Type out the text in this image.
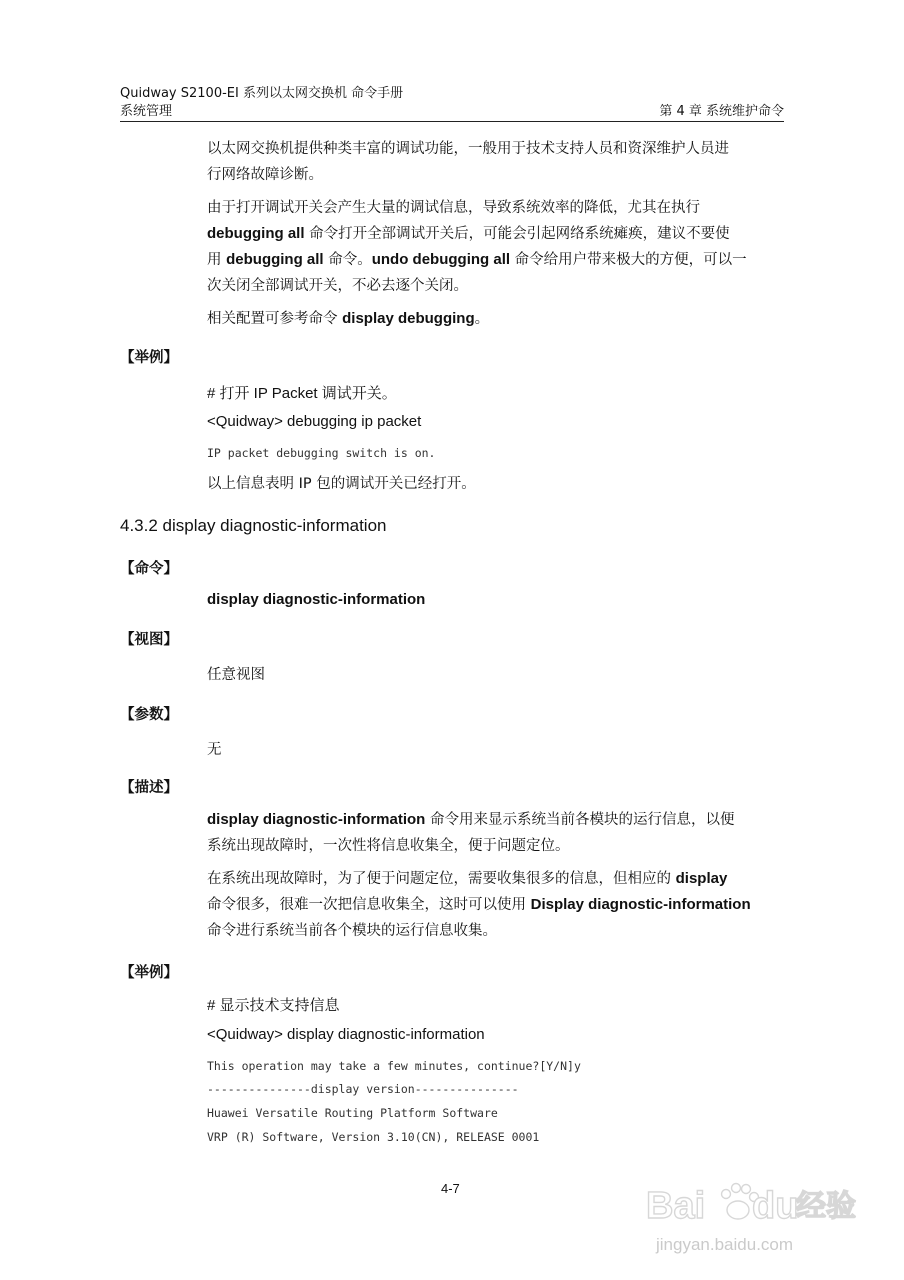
Quidway S2100-EI 系列以太网交换机 命令手册
系统管理	第 4 章 系统维护命令
以太网交换机提供种类丰富的调试功能，一般用于技术支持人员和资深维护人员进
行网络故障诊断。
由于打开调试开关会产生大量的调试信息，导致系统效率的降低，尤其在执行
debugging all 命令打开全部调试开关后，可能会引起网络系统瘫痪，建议不要使
用 debugging all 命令。undo debugging all 命令给用户带来极大的方便，可以一
次关闭全部调试开关，不必去逐个关闭。
相关配置可参考命令 display debugging。
【举例】
# 打开 IP Packet 调试开关。
<Quidway> debugging ip packet
IP packet debugging switch is on.
以上信息表明 IP 包的调试开关已经打开。
4.3.2 display diagnostic-information
【命令】
display diagnostic-information
【视图】
任意视图
【参数】
无
【描述】
display diagnostic-information 命令用来显示系统当前各模块的运行信息，以便
系统出现故障时，一次性将信息收集全，便于问题定位。
在系统出现故障时，为了便于问题定位，需要收集很多的信息，但相应的 display
命令很多，很难一次把信息收集全，这时可以使用 Display diagnostic-information
命令进行系统当前各个模块的运行信息收集。
【举例】
# 显示技术支持信息
<Quidway> display diagnostic-information
This operation may take a few minutes, continue?[Y/N]y
---------------display version---------------
Huawei Versatile Routing Platform Software
VRP (R) Software, Version 3.10(CN), RELEASE 0001
4-7	Bai du
经验
jingyan.baidu.com
